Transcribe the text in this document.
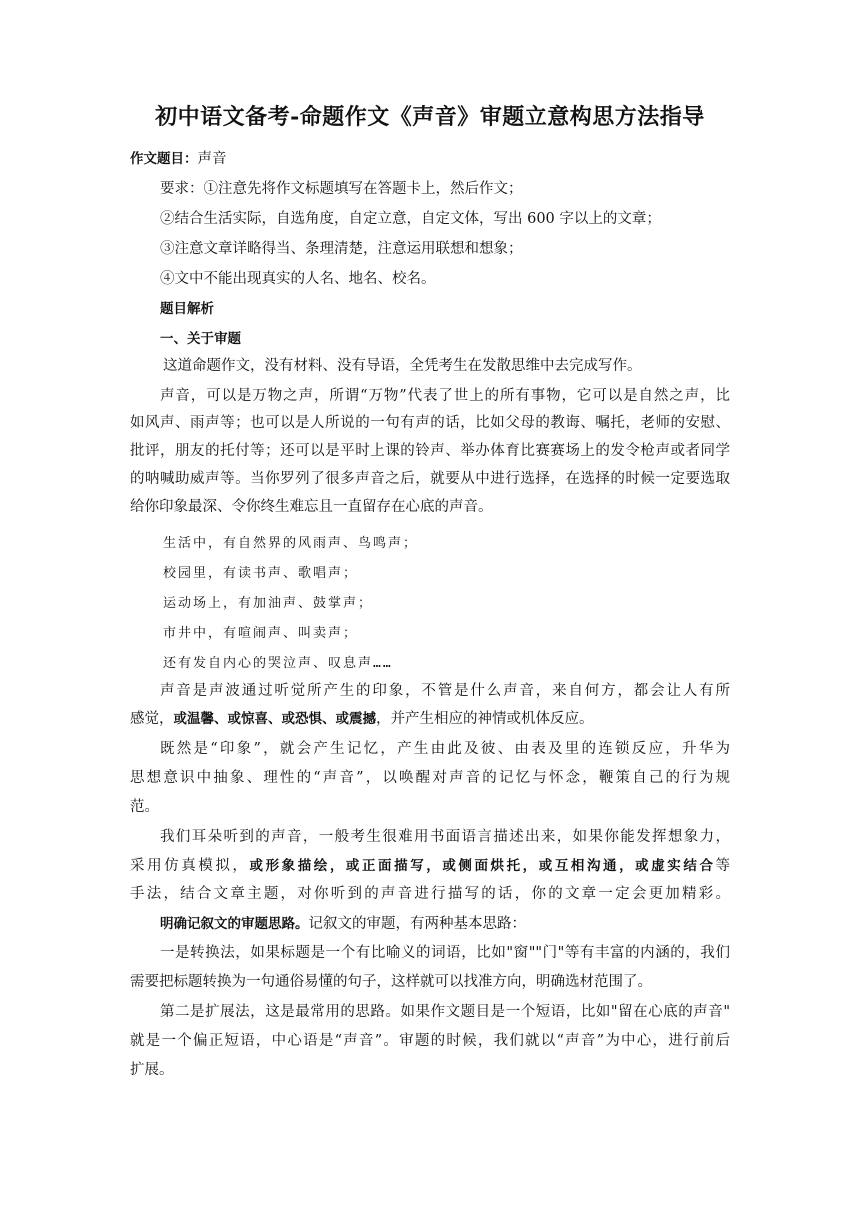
初中语文备考-命题作文《声音》审题立意构思方法指导
作文题目：声音
要求：①注意先将作文标题填写在答题卡上，然后作文；
②结合生活实际，自选角度，自定立意，自定文体，写出 600 字以上的文章；
③注意文章详略得当、条理清楚，注意运用联想和想象；
④文中不能出现真实的人名、地名、校名。
题目解析
一、关于审题
这道命题作文，没有材料、没有导语，全凭考生在发散思维中去完成写作。
声音，可以是万物之声，所谓“万物”代表了世上的所有事物，它可以是自然之声，比
如风声、雨声等；也可以是人所说的一句有声的话，比如父母的教诲、嘱托，老师的安慰、
批评，朋友的托付等；还可以是平时上课的铃声、举办体育比赛赛场上的发令枪声或者同学
的呐喊助威声等。当你罗列了很多声音之后，就要从中进行选择，在选择的时候一定要选取
给你印象最深、令你终生难忘且一直留存在心底的声音。
生活中，有自然界的风雨声、鸟鸣声；
校园里，有读书声、歌唱声；
运动场上，有加油声、鼓掌声；
市井中，有喧闹声、叫卖声；
还有发自内心的哭泣声、叹息声……
声音是声波通过听觉所产生的印象，不管是什么声音，来自何方，都会让人有所
感觉，或温馨、或惊喜、或恐惧、或震撼，并产生相应的神情或机体反应。
既然是“印象”，就会产生记忆，产生由此及彼、由表及里的连锁反应，升华为
思想意识中抽象、理性的“声音”，以唤醒对声音的记忆与怀念，鞭策自己的行为规
范。
我们耳朵听到的声音，一般考生很难用书面语言描述出来，如果你能发挥想象力，
采用仿真模拟，或形象描绘，或正面描写，或侧面烘托，或互相沟通，或虚实结合等
手法，结合文章主题，对你听到的声音进行描写的话，你的文章一定会更加精彩。
明确记叙文的审题思路。记叙文的审题，有两种基本思路：
一是转换法，如果标题是一个有比喻义的词语，比如"窗""门"等有丰富的内涵的，我们
需要把标题转换为一句通俗易懂的句子，这样就可以找准方向，明确选材范围了。
第二是扩展法，这是最常用的思路。如果作文题目是一个短语，比如"留在心底的声音"
就是一个偏正短语，中心语是“声音”。审题的时候，我们就以“声音”为中心，进行前后
扩展。
